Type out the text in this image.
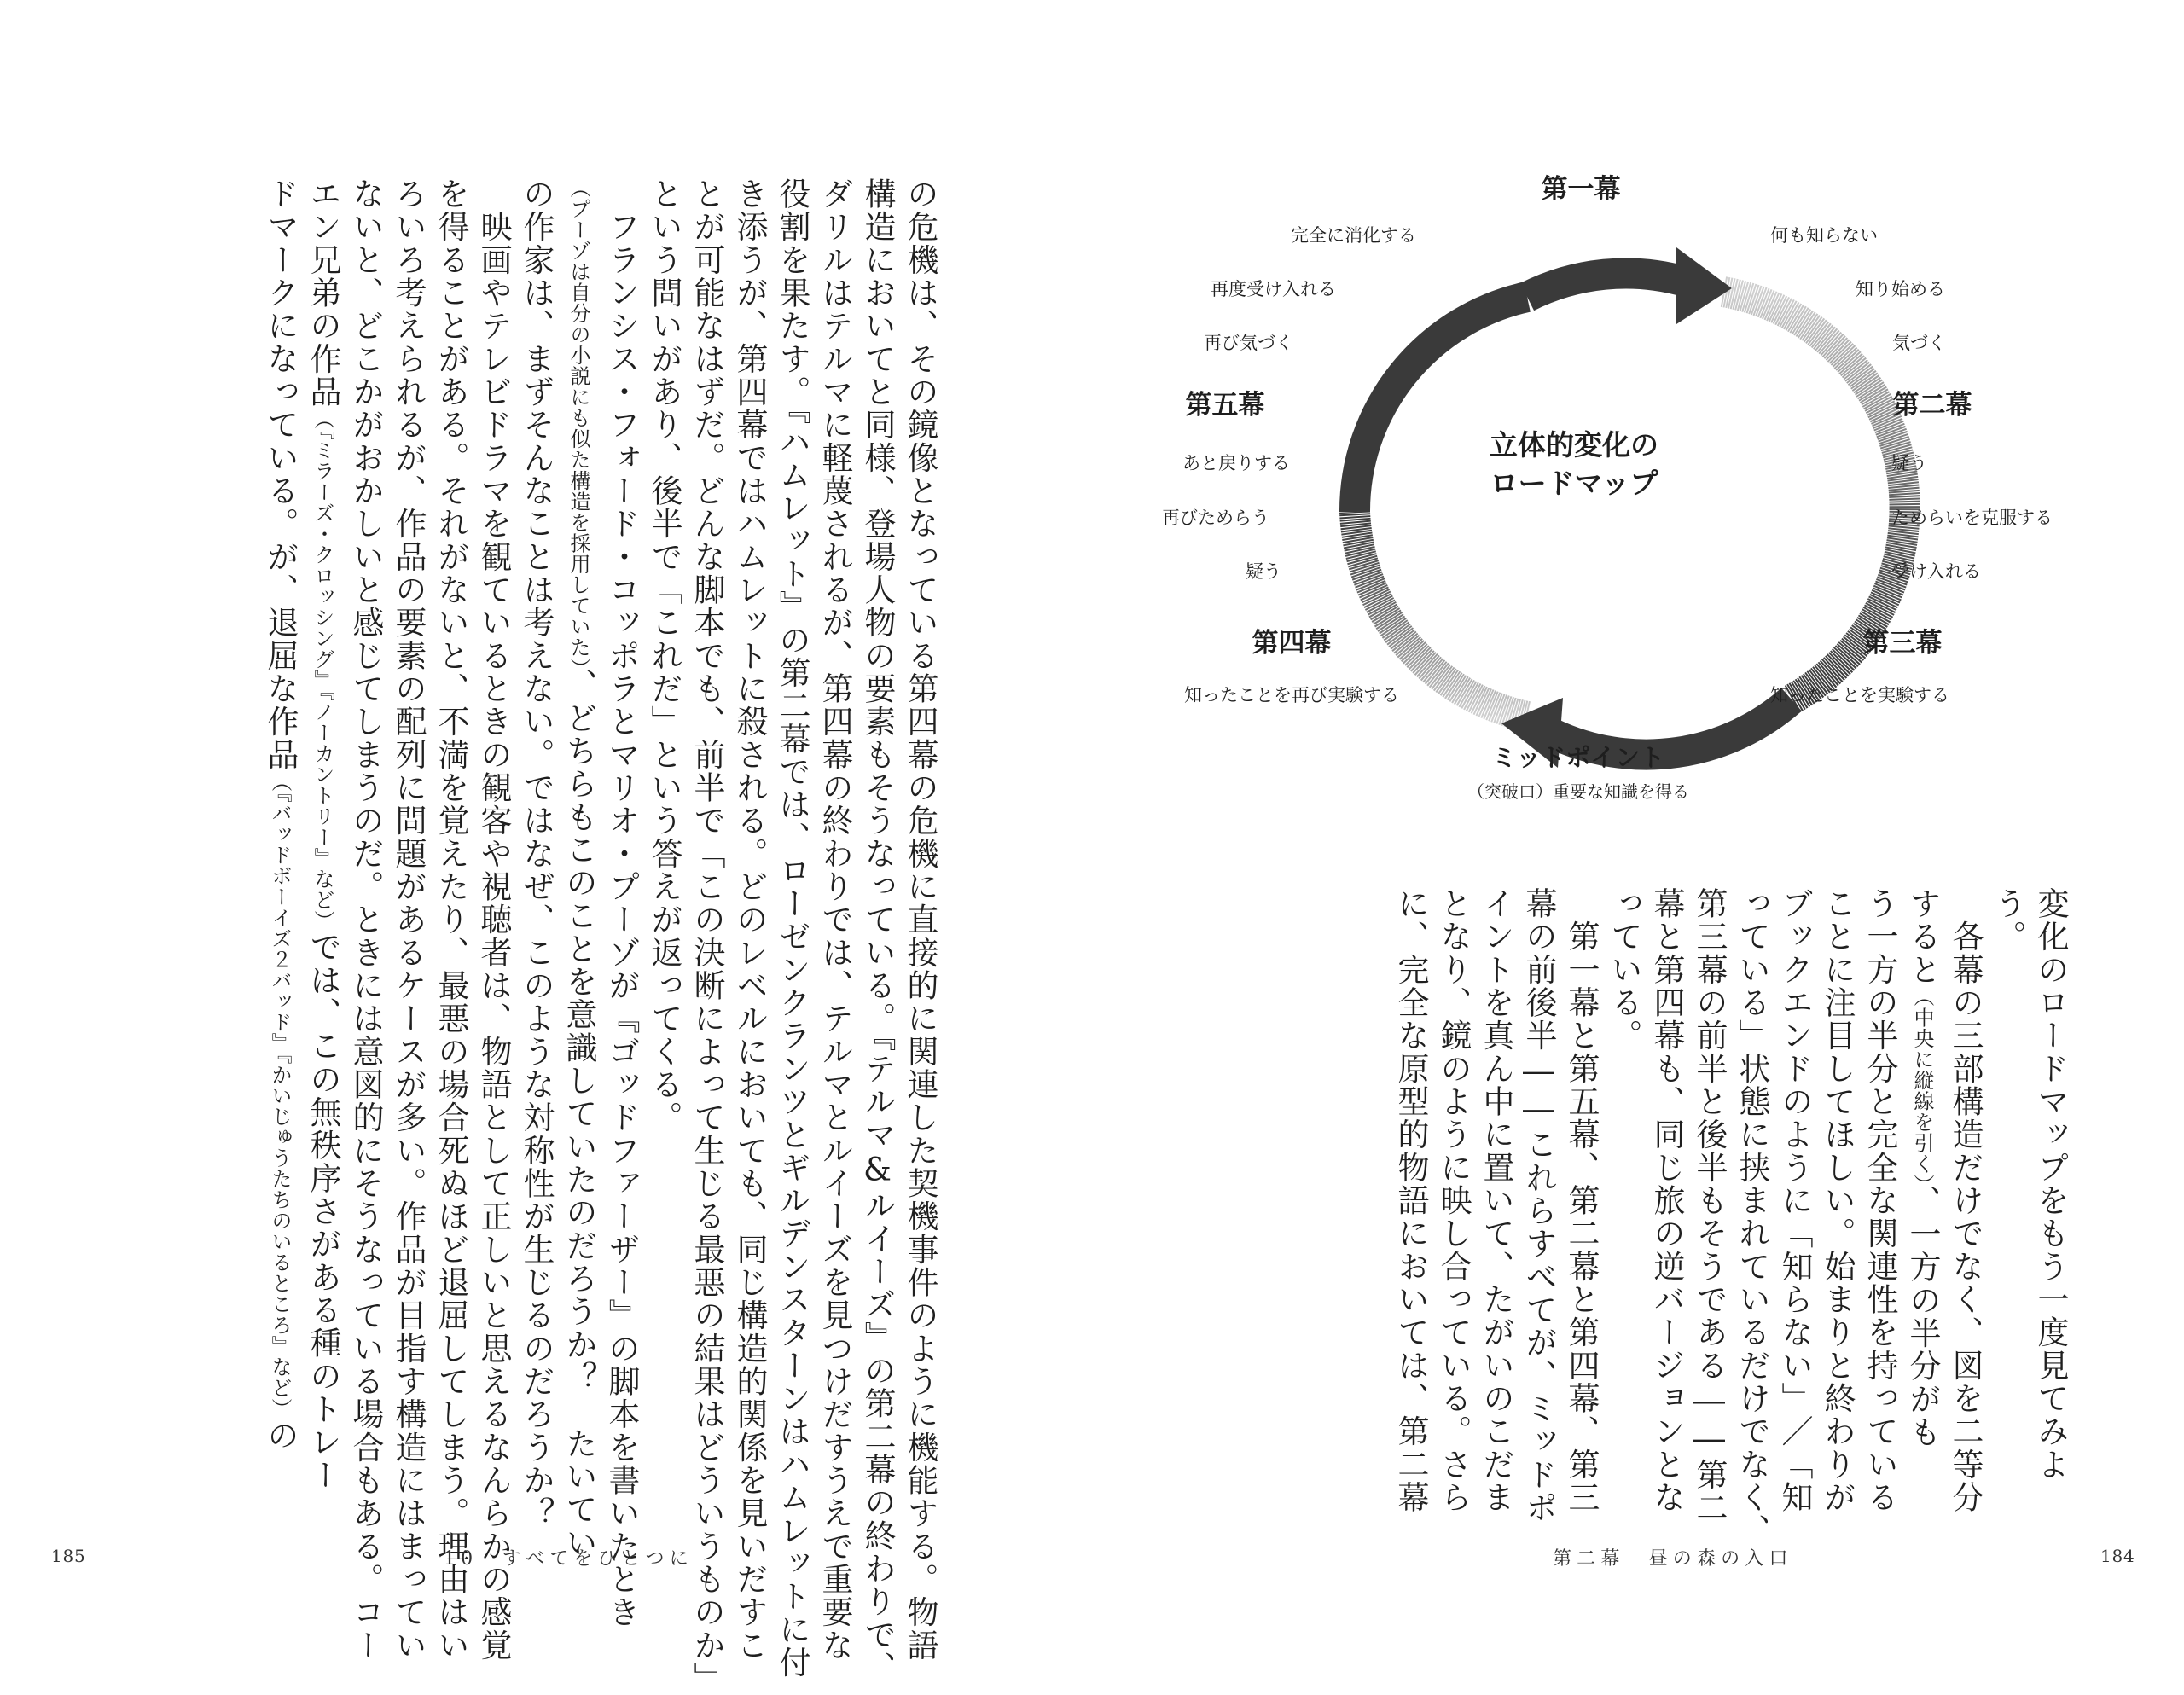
の危機は、その鏡像となっている第四幕の危機に直接的に関連した契機事件のように機能する。物語
構造においてと同様、登場人物の要素もそうなっている。『テルマ&ルイーズ』の第二幕の終わりで、
ダリルはテルマに軽蔑されるが、第四幕の終わりでは、テルマとルイーズを見つけだすうえで重要な
役割を果たす。『ハムレット』の第二幕では、ローゼンクランツとギルデンスターンはハムレットに付
き添うが、第四幕ではハムレットに殺される。どのレベルにおいても、同じ構造的関係を見いだすこ
とが可能なはずだ。どんな脚本でも、前半で「この決断によって生じる最悪の結果はどういうものか」
という問いがあり、後半で「これだ」という答えが返ってくる。
　フランシス・フォード・コッポラとマリオ・プーゾが『ゴッドファーザー』の脚本を書いたとき
（プーゾは自分の小説にも似た構造を採用していた）、どちらもこのことを意識していたのだろうか？　たいてい
の作家は、まずそんなことは考えない。ではなぜ、このような対称性が生じるのだろうか？
　映画やテレビドラマを観ているときの観客や視聴者は、物語として正しいと思えるなんらかの感覚
を得ることがある。それがないと、不満を覚えたり、最悪の場合死ぬほど退屈してしまう。理由はい
ろいろ考えられるが、作品の要素の配列に問題があるケースが多い。作品が目指す構造にはまってい
ないと、どこかがおかしいと感じてしまうのだ。ときには意図的にそうなっている場合もある。コー
エン兄弟の作品（『ミラーズ・クロッシング』『ノーカントリー』など）では、この無秩序さがある種のトレー
ドマークになっている。が、退屈な作品（『バッドボーイズ２バッド』『かいじゅうたちのいるところ』など）の
185	10　すべてをひとつに
立体的変化の
ロードマップ
第一幕
第二幕
第三幕
第四幕
第五幕
何も知らない
知り始める
気づく
疑う
ためらいを克服する
受け入れる
知ったことを実験する
完全に消化する
再度受け入れる
再び気づく
あと戻りする
再びためらう
疑う
知ったことを再び実験する
ミッドポイント
（突破口）重要な知識を得る
変化のロードマップをもう一度見てみよ
う。
　各幕の三部構造だけでなく、図を二等分
すると（中央に縦線を引く）、一方の半分がも
う一方の半分と完全な関連性を持っている
ことに注目してほしい。始まりと終わりが
ブックエンドのように「知らない」／「知
っている」状態に挟まれているだけでなく、
第三幕の前半と後半もそうである――第二
幕と第四幕も、同じ旅の逆バージョンとな
っている。
　第一幕と第五幕、第二幕と第四幕、第三
幕の前後半――これらすべてが、ミッドポ
イントを真ん中に置いて、たがいのこだま
となり、鏡のように映し合っている。さら
に、完全な原型的物語においては、第二幕
第二幕　昼の森の入口	184
